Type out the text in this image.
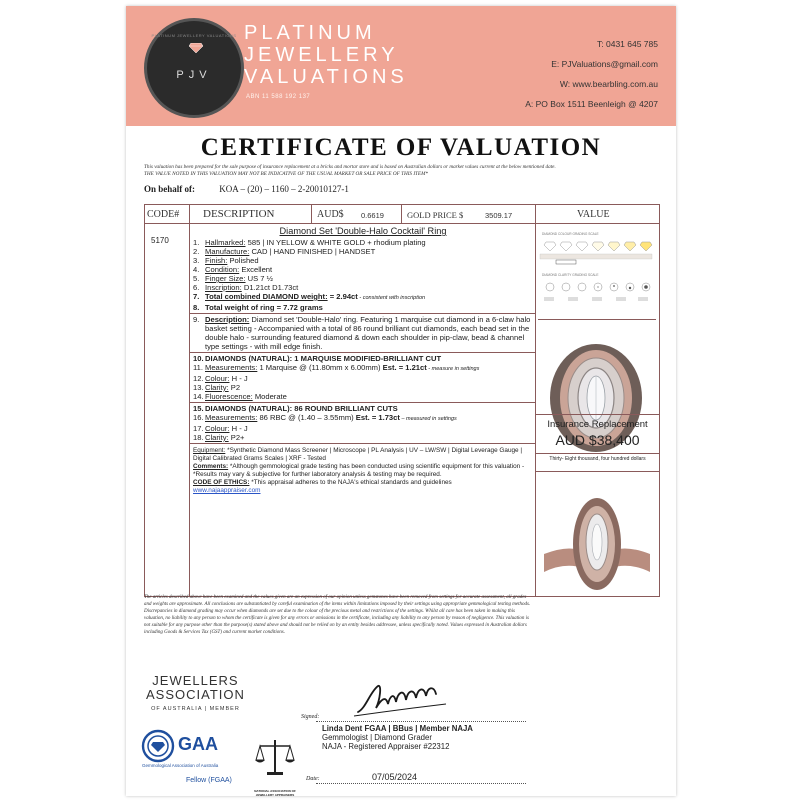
PLATINUM JEWELLERY VALUATIONS
PJV
PLATINUM
JEWELLERY
VALUATIONS
ABN 11 588 192 137
T: 0431 645 785
E: PJValuations@gmail.com
W: www.bearbling.com.au
A: PO Box 1511 Beenleigh @ 4207
CERTIFICATE OF VALUATION
This valuation has been prepared for the sale purpose of insurance replacement at a bricks and mortar store and is based on Australian dollars or market values current at the below mentioned date.
THE VALUE NOTED IN THIS VALUATION MAY NOT BE INDICATIVE OF THE USUAL MARKET OR SALE PRICE OF THIS ITEM*
On behalf of:	KOA – (20) – 1160 – 2-20010127-1
CODE# DESCRIPTION	AUD$ 0.6619	GOLD PRICE $	3509.17	VALUE
5170
Diamond Set 'Double-Halo Cocktail' Ring
1. Hallmarked: 585 | IN YELLOW & WHITE GOLD + rhodium plating
2. Manufacture: CAD | HAND FINISHED | HANDSET
3. Finish: Polished
4. Condition: Excellent
5. Finger Size: US 7 ½
6. Inscription: D1.21ct D1.73ct
7. Total combined DIAMOND weight: = 2.94ct - consistent with inscription
8. Total weight of ring = 7.72 grams
9. Description: Diamond set 'Double-Halo' ring. Featuring 1 marquise cut diamond in a 6-claw halo basket setting - Accompanied with a total of 86 round brilliant cut diamonds, each bead set in the double halo - surrounding featured diamond & down each shoulder in pip-claw, bead & channel type settings - with mill edge finish.
10. DIAMONDS (NATURAL): 1 MARQUISE MODIFIED-BRILLIANT CUT
11. Measurements: 1 Marquise @ (11.80mm x 6.00mm) Est. = 1.21ct - measure in settings
12. Colour: H - J
13. Clarity: P2
14. Fluorescence: Moderate
15. DIAMONDS (NATURAL): 86 ROUND BRILLIANT CUTS
16. Measurements: 86 RBC @ (1.40 – 3.55mm) Est. = 1.73ct – measured in settings
17. Colour: H - J
18. Clarity: P2+
Equipment: *Synthetic Diamond Mass Screener | Microscope | PL Analysis | UV – LW/SW | Digital Leverage Gauge | Digital Calibrated Grams Scales | XRF - Tested
Comments: *Although gemmological grade testing has been conducted using scientific equipment for this valuation - *Results may vary & subjective for further laboratory analysis & testing may be required.
CODE OF ETHICS: *This appraisal adheres to the NAJA's ethical standards and guidelines
www.najaappraiser.com
DIAMOND COLOUR GRADING SCALE
DIAMOND CLARITY GRADING SCALE
Insurance Replacement
AUD $38,400
Thirty- Eight thousand, four hundred dollars
The articles described above have been examined and the values given are an expression of our opinion unless gemstones have been removed from settings for accurate assessment, all grades and weights are approximate. All conclusions are substantiated by careful examination of the items within limitations imposed by their settings using appropriate gemmological testing methods. Discrepancies in diamond grading may occur when diamonds are set due to the colour of the precious metal and restrictions of the settings. Whilst all care has been taken in making this valuation, no liability to any person to whom the certificate is given for any errors or omissions in the certificate, including any liability to any person by reason of negligence. This valuation is not suitable for any purpose other than the purpose(s) stated above and should not be relied on by an entity besides addressee, unless specifically noted. Values expressed in Australian dollars including Goods & Services Tax (GST) and current market conditions.
JEWELLERS
ASSOCIATION
OF AUSTRALIA | MEMBER
Signed:
Linda Dent FGAA | BBus | Member NAJA
Gemmologist | Diamond Grader
NAJA - Registered Appraiser #22312
GAA
Gemmological Association of Australia
Fellow (FGAA)
NATIONAL ASSOCIATION OF JEWELLERY APPRAISERS
Date:	07/05/2024
